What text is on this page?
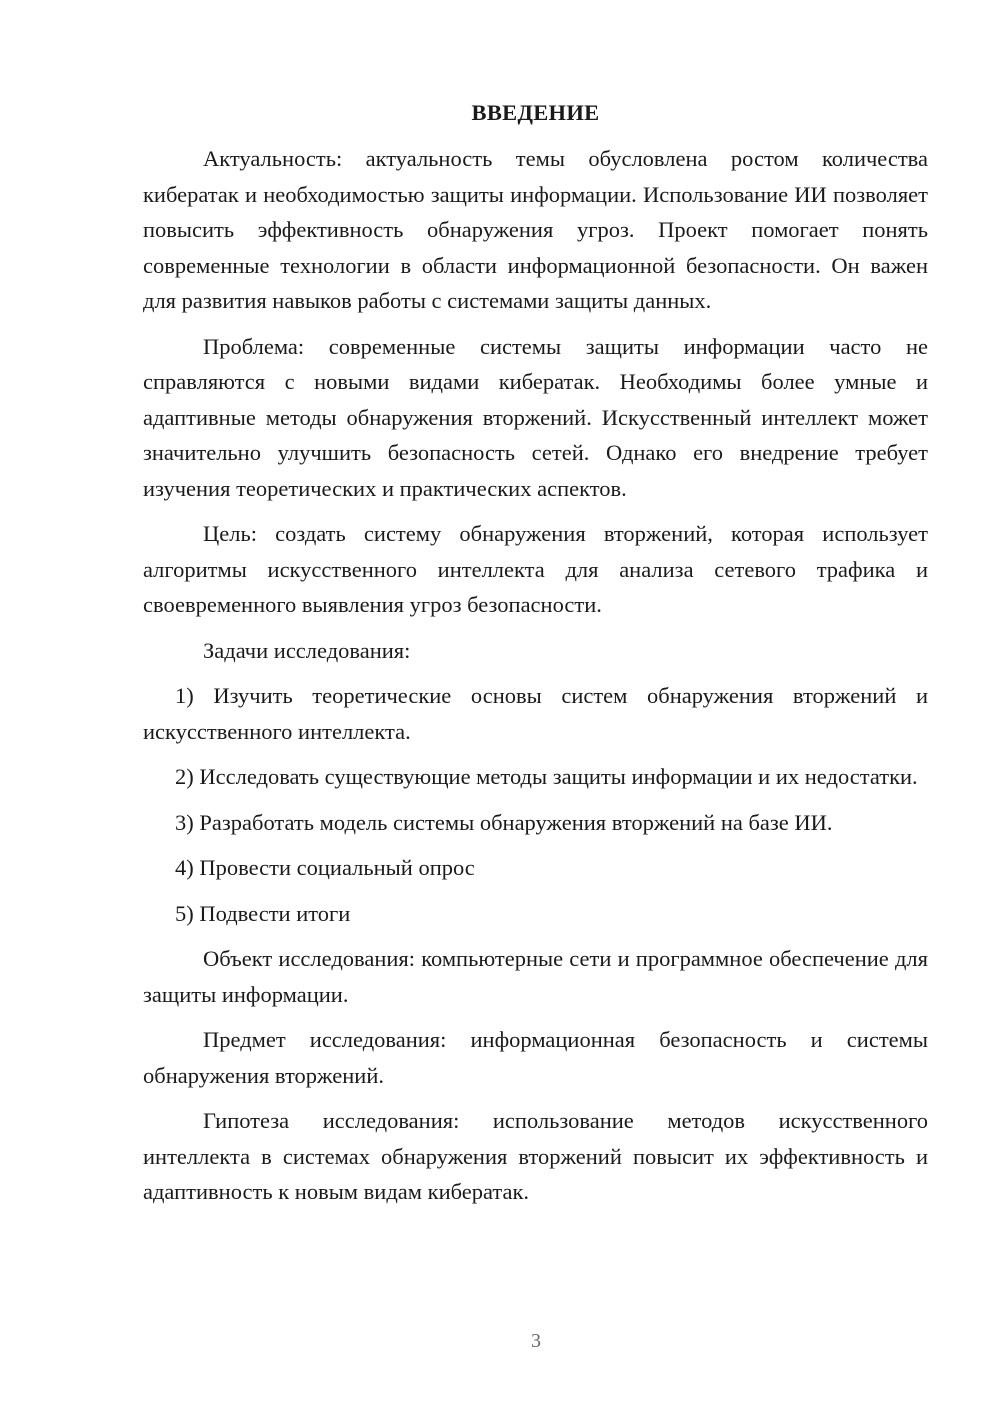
ВВЕДЕНИЕ

Актуальность: актуальность темы обусловлена ростом количества кибератак и необходимостью защиты информации. Использование ИИ позволяет повысить эффективность обнаружения угроз. Проект помогает понять современные технологии в области информационной безопасности. Он важен для развития навыков работы с системами защиты данных.

Проблема: современные системы защиты информации часто не справляются с новыми видами кибератак. Необходимы более умные и адаптивные методы обнаружения вторжений. Искусственный интеллект может значительно улучшить безопасность сетей. Однако его внедрение требует изучения теоретических и практических аспектов.

Цель: создать систему обнаружения вторжений, которая использует алгоритмы искусственного интеллекта для анализа сетевого трафика и своевременного выявления угроз безопасности.

Задачи исследования:

1) Изучить теоретические основы систем обнаружения вторжений и искусственного интеллекта.

2) Исследовать существующие методы защиты информации и их недостатки.

3) Разработать модель системы обнаружения вторжений на базе ИИ.

4) Провести социальный опрос

5) Подвести итоги

Объект исследования: компьютерные сети и программное обеспечение для защиты информации.

Предмет исследования: информационная безопасность и системы обнаружения вторжений.

Гипотеза исследования: использование методов искусственного интеллекта в системах обнаружения вторжений повысит их эффективность и адаптивность к новым видам кибератак.

3
